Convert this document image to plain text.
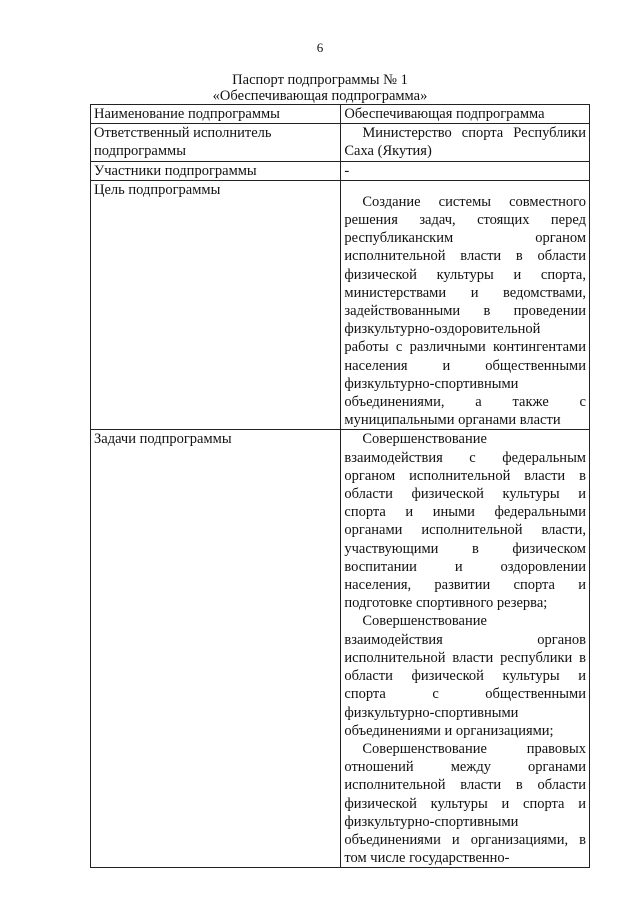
6
Паспорт подпрограммы № 1
«Обеспечивающая подпрограмма»
Наименование подпрограммы	Обеспечивающая подпрограмма
Ответственный исполнитель подпрограммы	Министерство спорта Республики Саха (Якутия)

Участники подпрограммы	-
Цель подпрограммы	Создание системы совместного решения задач, стоящих перед республиканским органом исполнительной власти в области физической культуры и спорта, министерствами и ведомствами, задействованными в проведении физкультурно-оздоровительной работы с различными контингентами населения и общественными физкультурно-спортивными объединениями, а также с муниципальными органами власти

Задачи подпрограммы	Совершенствование взаимодействия с федеральным органом исполнительной власти в области физической культуры и спорта и иными федеральными органами исполнительной власти, участвующими в физическом воспитании и оздоровлении населения, развитии спорта и подготовке спортивного резерва;

Совершенствование взаимодействия органов исполнительной власти республики в области физической культуры и спорта с общественными физкультурно-спортивными объединениями и организациями;

Совершенствование правовых отношений между органами исполнительной власти в области физической культуры и спорта и физкультурно-спортивными объединениями и организациями, в том числе государственно-
